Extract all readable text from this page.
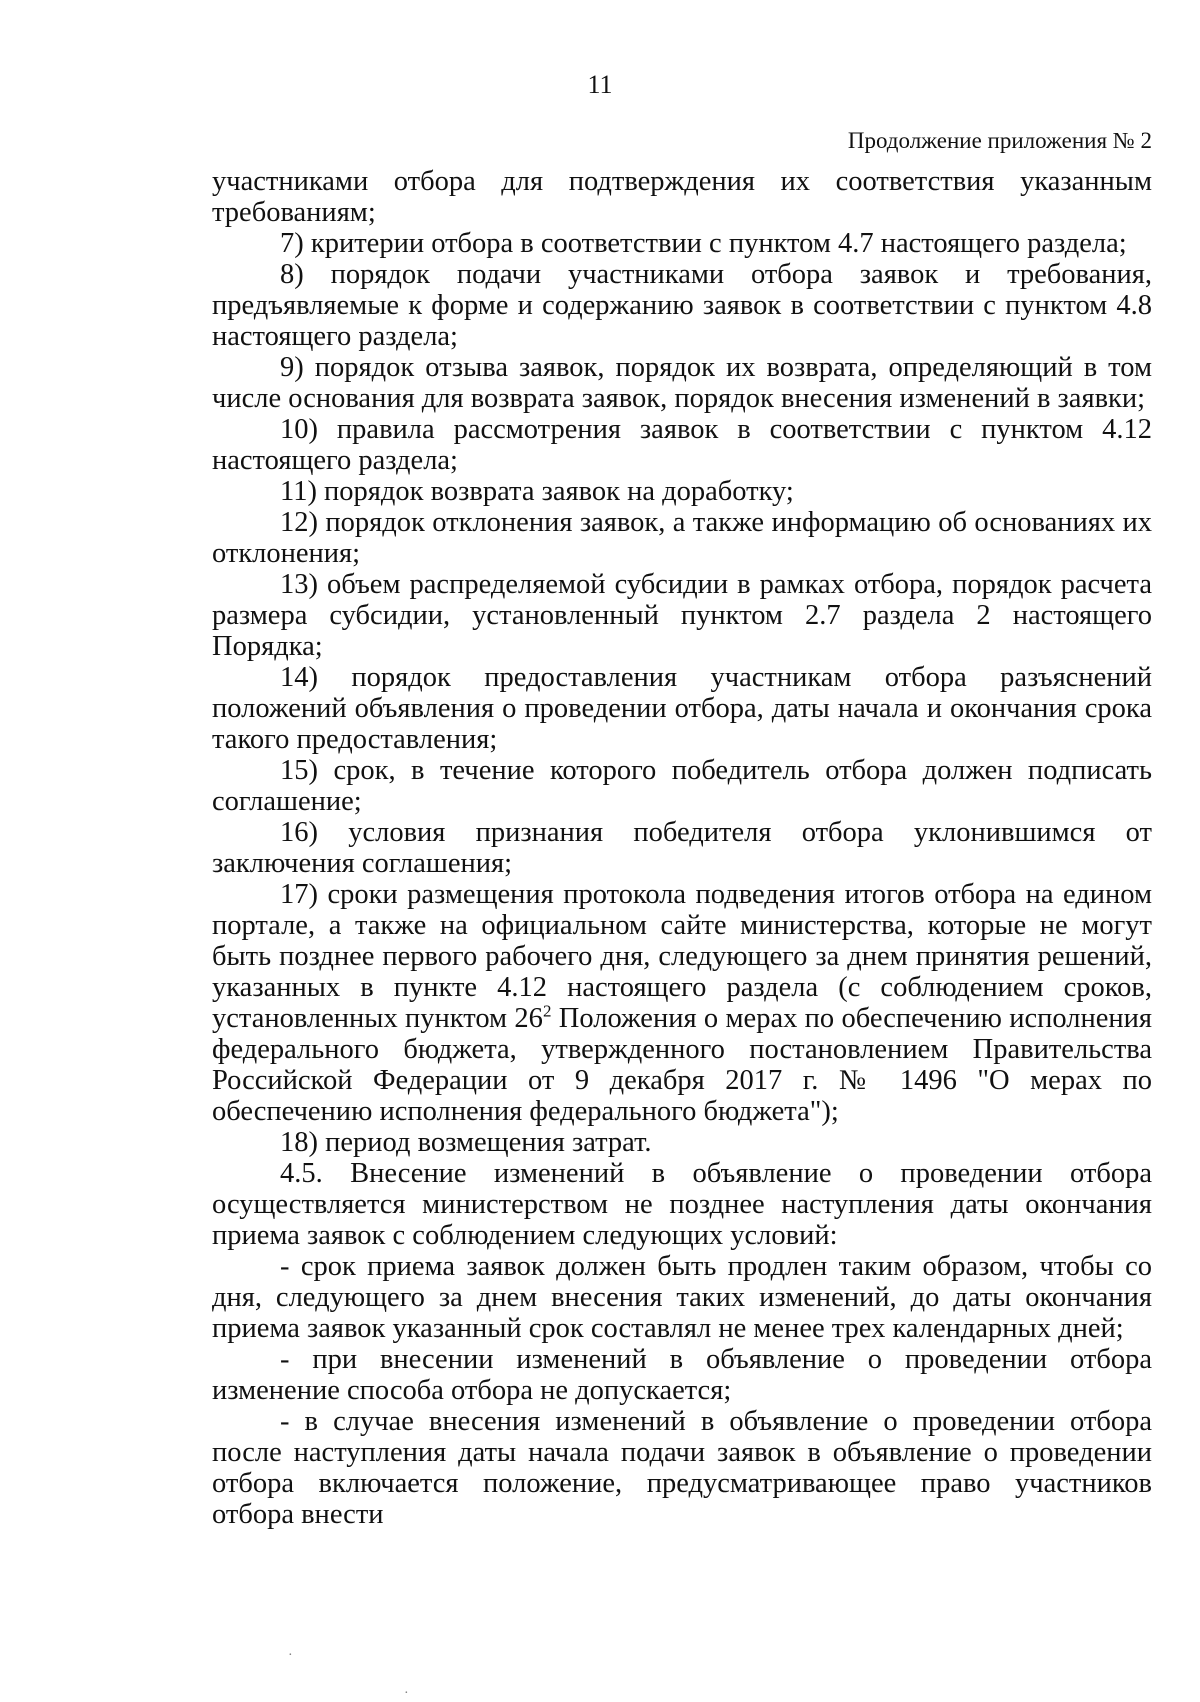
11
Продолжение приложения № 2

участниками отбора для подтверждения их соответствия указанным требованиям;

7) критерии отбора в соответствии с пунктом 4.7 настоящего раздела;

8) порядок подачи участниками отбора заявок и требования, предъявляемые к форме и содержанию заявок в соответствии с пунктом 4.8 настоящего раздела;

9) порядок отзыва заявок, порядок их возврата, определяющий в том числе основания для возврата заявок, порядок внесения изменений в заявки;

10) правила рассмотрения заявок в соответствии с пунктом 4.12 настоящего раздела;

11) порядок возврата заявок на доработку;

12) порядок отклонения заявок, а также информацию об основаниях их отклонения;

13) объем распределяемой субсидии в рамках отбора, порядок расчета размера субсидии, установленный пунктом 2.7 раздела 2 настоящего Порядка;

14) порядок предоставления участникам отбора разъяснений положений объявления о проведении отбора, даты начала и окончания срока такого предоставления;

15) срок, в течение которого победитель отбора должен подписать соглашение;

16) условия признания победителя отбора уклонившимся от заключения соглашения;

17) сроки размещения протокола подведения итогов отбора на едином портале, а также на официальном сайте министерства, которые не могут быть позднее первого рабочего дня, следующего за днем принятия решений, указанных в пункте 4.12 настоящего раздела (с соблюдением сроков, установленных пунктом $26^2$ Положения о мерах по обеспечению исполнения федерального бюджета, утвержденного постановлением Правительства Российской Федерации от 9 декабря 2017 г. № 1496 "О мерах по обеспечению исполнения федерального бюджета");

18) период возмещения затрат.

4.5. Внесение изменений в объявление о проведении отбора осуществляется министерством не позднее наступления даты окончания приема заявок с соблюдением следующих условий:

- срок приема заявок должен быть продлен таким образом, чтобы со дня, следующего за днем внесения таких изменений, до даты окончания приема заявок указанный срок составлял не менее трех календарных дней;

- при внесении изменений в объявление о проведении отбора изменение способа отбора не допускается;

- в случае внесения изменений в объявление о проведении отбора после наступления даты начала подачи заявок в объявление о проведении отбора включается положение, предусматривающее право участников отбора внести

·
·
